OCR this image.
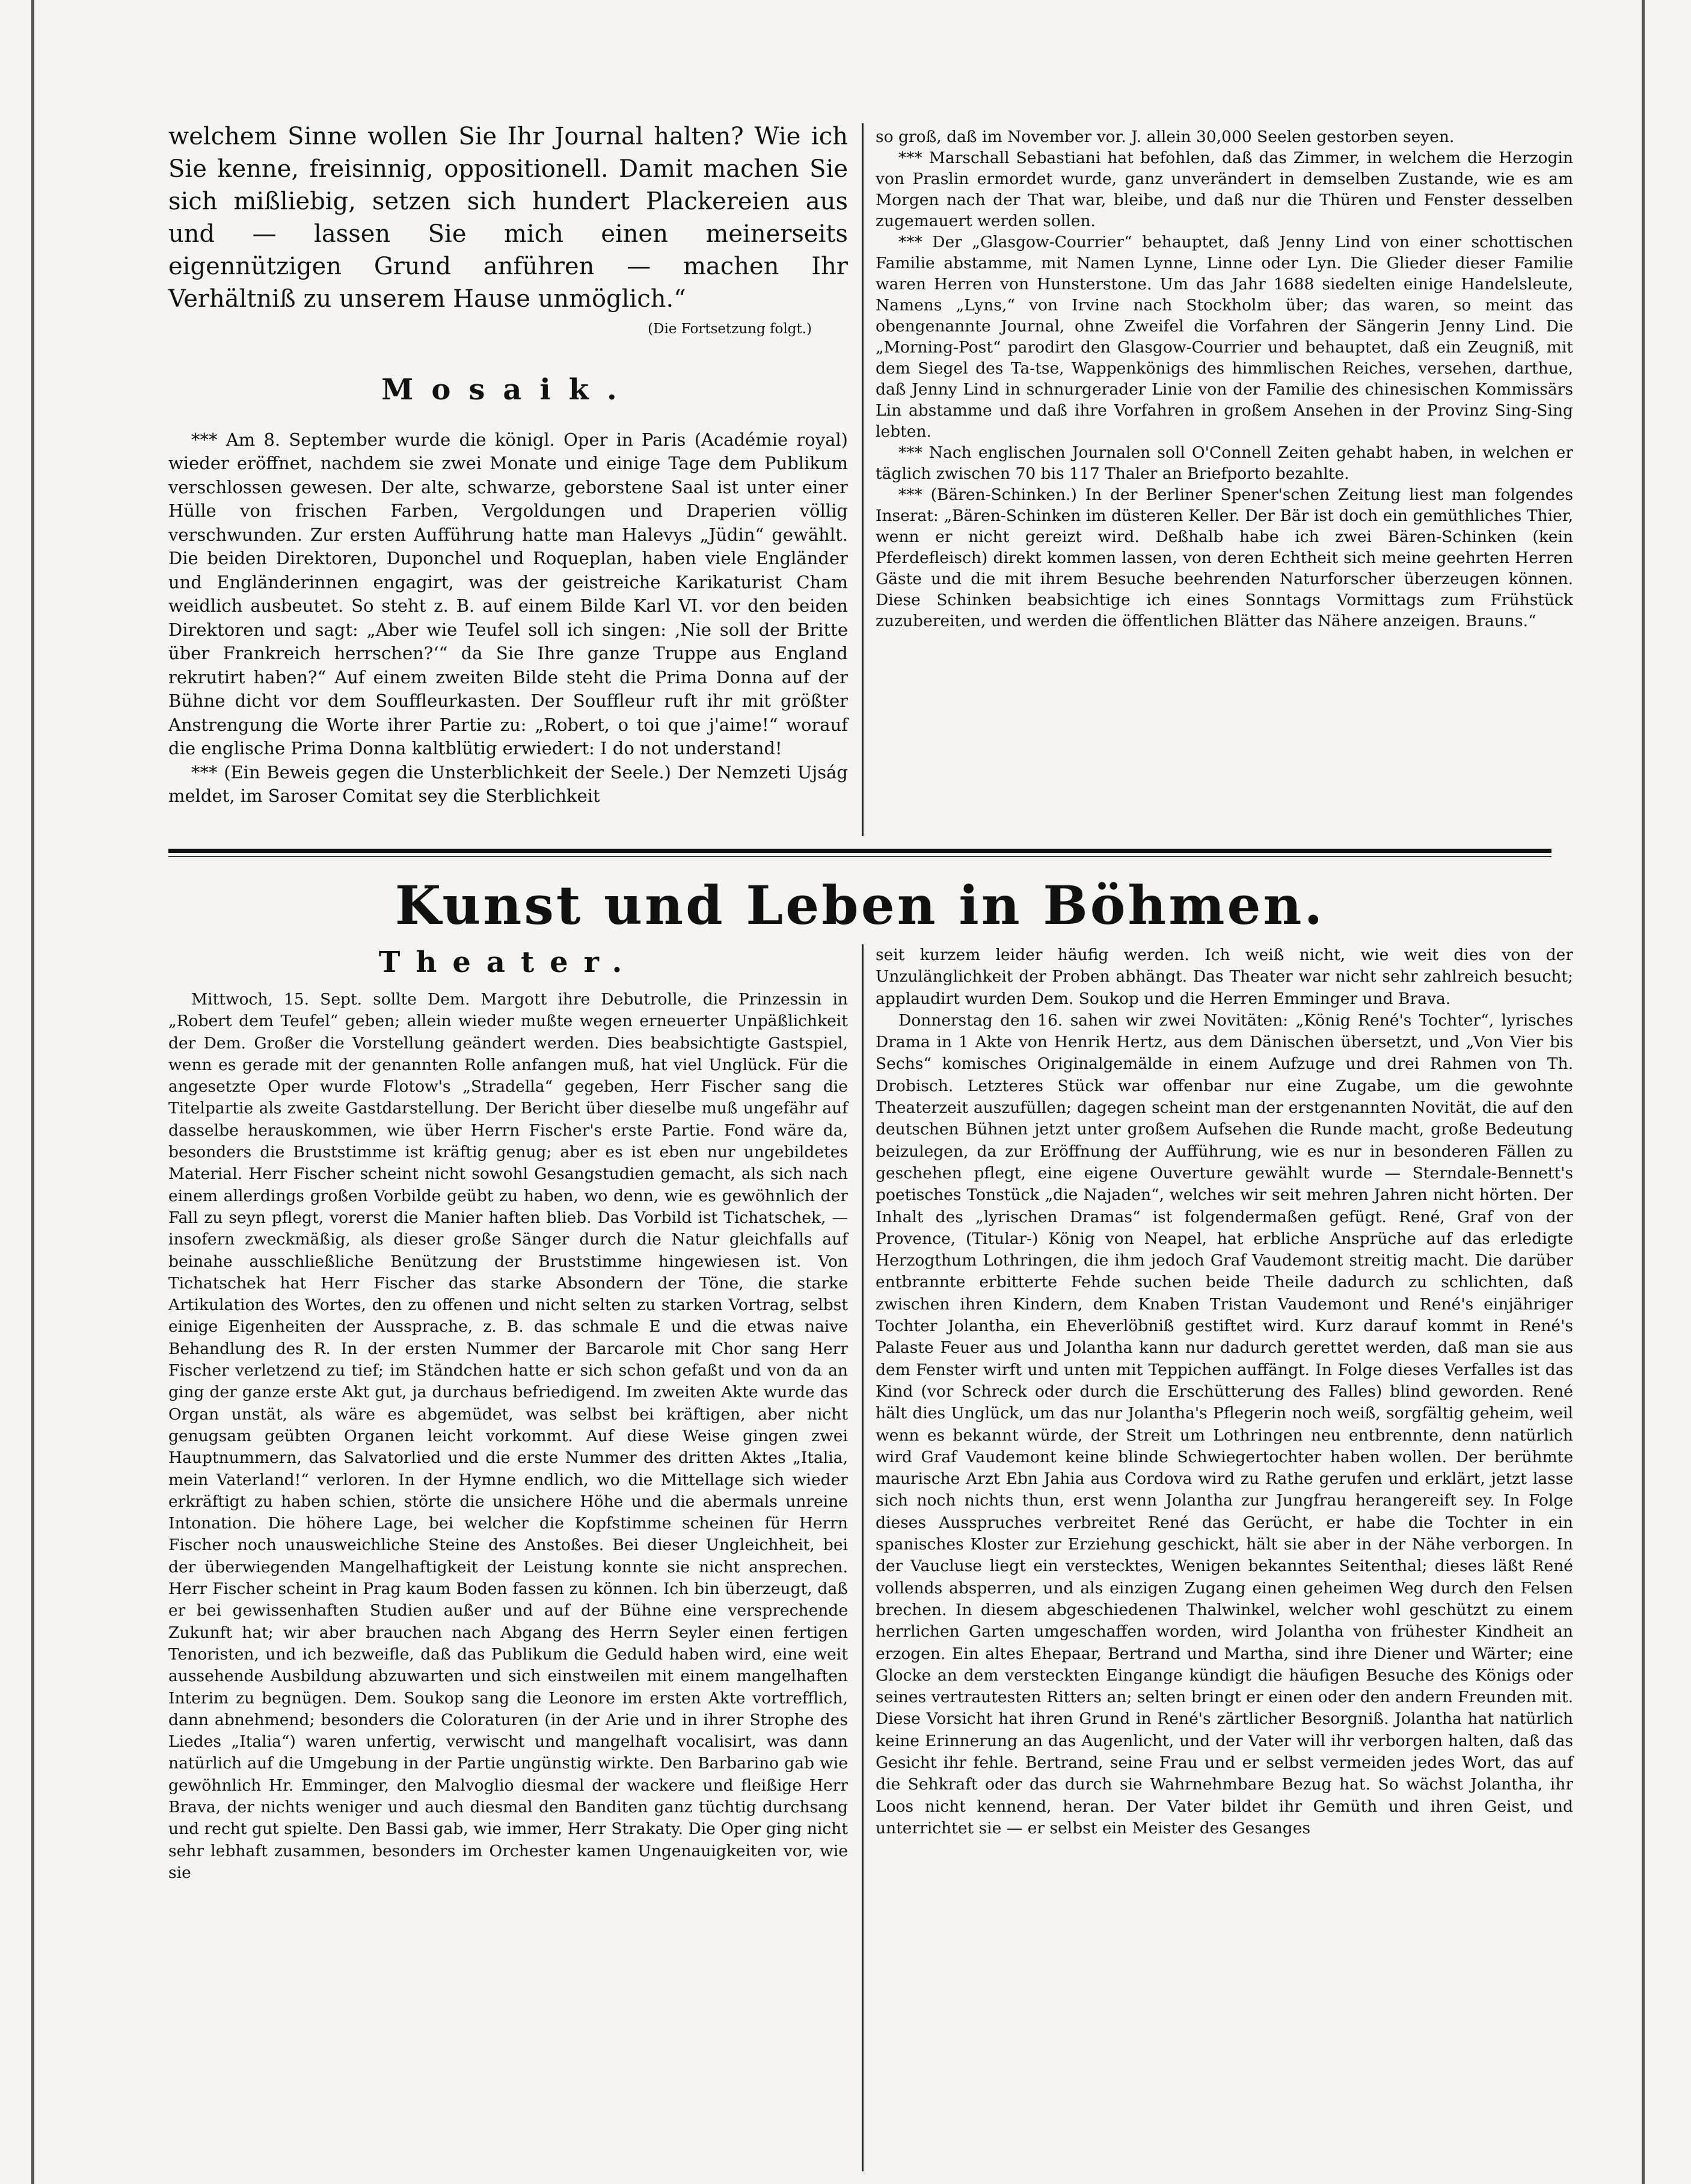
welchem Sinne wollen Sie Ihr Journal halten? Wie ich Sie kenne, freisinnig, oppositionell. Damit machen Sie sich mißliebig, setzen sich hundert Plackereien aus und — lassen Sie mich einen meinerseits eigennützigen Grund anführen — machen Ihr Verhältniß zu unserem Hause unmöglich.“

(Die Fortsetzung folgt.)

Mosaik.

*** Am 8. September wurde die königl. Oper in Paris (Académie royal) wieder eröffnet, nachdem sie zwei Monate und einige Tage dem Publikum verschlossen gewesen. Der alte, schwarze, geborstene Saal ist unter einer Hülle von frischen Farben, Vergoldungen und Draperien völlig verschwunden. Zur ersten Aufführung hatte man Halevys „Jüdin“ gewählt. Die beiden Direktoren, Duponchel und Roqueplan, haben viele Engländer und Engländerinnen engagirt, was der geistreiche Karikaturist Cham weidlich ausbeutet. So steht z. B. auf einem Bilde Karl VI. vor den beiden Direktoren und sagt: „Aber wie Teufel soll ich singen: ‚Nie soll der Britte über Frankreich herrschen?‘“ da Sie Ihre ganze Truppe aus England rekrutirt haben?“ Auf einem zweiten Bilde steht die Prima Donna auf der Bühne dicht vor dem Souffleurkasten. Der Souffleur ruft ihr mit größter Anstrengung die Worte ihrer Partie zu: „Robert, o toi que j'aime!“ worauf die englische Prima Donna kaltblütig erwiedert: I do not understand!

*** (Ein Beweis gegen die Unsterblichkeit der Seele.) Der Nemzeti Ujság meldet, im Saroser Comitat sey die Sterblichkeit

so groß, daß im November vor. J. allein 30,000 Seelen gestorben seyen.

*** Marschall Sebastiani hat befohlen, daß das Zimmer, in welchem die Herzogin von Praslin ermordet wurde, ganz unverändert in demselben Zustande, wie es am Morgen nach der That war, bleibe, und daß nur die Thüren und Fenster desselben zugemauert werden sollen.

*** Der „Glasgow-Courrier“ behauptet, daß Jenny Lind von einer schottischen Familie abstamme, mit Namen Lynne, Linne oder Lyn. Die Glieder dieser Familie waren Herren von Hunsterstone. Um das Jahr 1688 siedelten einige Handelsleute, Namens „Lyns,“ von Irvine nach Stockholm über; das waren, so meint das obengenannte Journal, ohne Zweifel die Vorfahren der Sängerin Jenny Lind. Die „Morning-Post“ parodirt den Glasgow-Courrier und behauptet, daß ein Zeugniß, mit dem Siegel des Ta-tse, Wappenkönigs des himmlischen Reiches, versehen, darthue, daß Jenny Lind in schnurgerader Linie von der Familie des chinesischen Kommissärs Lin abstamme und daß ihre Vorfahren in großem Ansehen in der Provinz Sing-Sing lebten.

*** Nach englischen Journalen soll O'Connell Zeiten gehabt haben, in welchen er täglich zwischen 70 bis 117 Thaler an Briefporto bezahlte.

*** (Bären-Schinken.) In der Berliner Spener'schen Zeitung liest man folgendes Inserat: „Bären-Schinken im düsteren Keller. Der Bär ist doch ein gemüthliches Thier, wenn er nicht gereizt wird. Deßhalb habe ich zwei Bären-Schinken (kein Pferdefleisch) direkt kommen lassen, von deren Echtheit sich meine geehrten Herren Gäste und die mit ihrem Besuche beehrenden Naturforscher überzeugen können. Diese Schinken beabsichtige ich eines Sonntags Vormittags zum Frühstück zuzubereiten, und werden die öffentlichen Blätter das Nähere anzeigen. Brauns.“

Kunst und Leben in Böhmen.

Theater.

Mittwoch, 15. Sept. sollte Dem. Margott ihre Debutrolle, die Prinzessin in „Robert dem Teufel“ geben; allein wieder mußte wegen erneuerter Unpäßlichkeit der Dem. Großer die Vorstellung geändert werden. Dies beabsichtigte Gastspiel, wenn es gerade mit der genannten Rolle anfangen muß, hat viel Unglück. Für die angesetzte Oper wurde Flotow's „Stradella“ gegeben, Herr Fischer sang die Titelpartie als zweite Gastdarstellung. Der Bericht über dieselbe muß ungefähr auf dasselbe herauskommen, wie über Herrn Fischer's erste Partie. Fond wäre da, besonders die Bruststimme ist kräftig genug; aber es ist eben nur ungebildetes Material. Herr Fischer scheint nicht sowohl Gesangstudien gemacht, als sich nach einem allerdings großen Vorbilde geübt zu haben, wo denn, wie es gewöhnlich der Fall zu seyn pflegt, vorerst die Manier haften blieb. Das Vorbild ist Tichatschek, — insofern zweckmäßig, als dieser große Sänger durch die Natur gleichfalls auf beinahe ausschließliche Benützung der Bruststimme hingewiesen ist. Von Tichatschek hat Herr Fischer das starke Absondern der Töne, die starke Artikulation des Wortes, den zu offenen und nicht selten zu starken Vortrag, selbst einige Eigenheiten der Aussprache, z. B. das schmale E und die etwas naive Behandlung des R. In der ersten Nummer der Barcarole mit Chor sang Herr Fischer verletzend zu tief; im Ständchen hatte er sich schon gefaßt und von da an ging der ganze erste Akt gut, ja durchaus befriedigend. Im zweiten Akte wurde das Organ unstät, als wäre es abgemüdet, was selbst bei kräftigen, aber nicht genugsam geübten Organen leicht vorkommt. Auf diese Weise gingen zwei Hauptnummern, das Salvatorlied und die erste Nummer des dritten Aktes „Italia, mein Vaterland!“ verloren. In der Hymne endlich, wo die Mittellage sich wieder erkräftigt zu haben schien, störte die unsichere Höhe und die abermals unreine Intonation. Die höhere Lage, bei welcher die Kopfstimme scheinen für Herrn Fischer noch unausweichliche Steine des Anstoßes. Bei dieser Ungleichheit, bei der überwiegenden Mangelhaftigkeit der Leistung konnte sie nicht ansprechen. Herr Fischer scheint in Prag kaum Boden fassen zu können. Ich bin überzeugt, daß er bei gewissenhaften Studien außer und auf der Bühne eine versprechende Zukunft hat; wir aber brauchen nach Abgang des Herrn Seyler einen fertigen Tenoristen, und ich bezweifle, daß das Publikum die Geduld haben wird, eine weit aussehende Ausbildung abzuwarten und sich einstweilen mit einem mangelhaften Interim zu begnügen. Dem. Soukop sang die Leonore im ersten Akte vortrefflich, dann abnehmend; besonders die Coloraturen (in der Arie und in ihrer Strophe des Liedes „Italia“) waren unfertig, verwischt und mangelhaft vocalisirt, was dann natürlich auf die Umgebung in der Partie ungünstig wirkte. Den Barbarino gab wie gewöhnlich Hr. Emminger, den Malvoglio diesmal der wackere und fleißige Herr Brava, der nichts weniger und auch diesmal den Banditen ganz tüchtig durchsang und recht gut spielte. Den Bassi gab, wie immer, Herr Strakaty. Die Oper ging nicht sehr lebhaft zusammen, besonders im Orchester kamen Ungenauigkeiten vor, wie sie

seit kurzem leider häufig werden. Ich weiß nicht, wie weit dies von der Unzulänglichkeit der Proben abhängt. Das Theater war nicht sehr zahlreich besucht; applaudirt wurden Dem. Soukop und die Herren Emminger und Brava.

Donnerstag den 16. sahen wir zwei Novitäten: „König René's Tochter“, lyrisches Drama in 1 Akte von Henrik Hertz, aus dem Dänischen übersetzt, und „Von Vier bis Sechs“ komisches Originalgemälde in einem Aufzuge und drei Rahmen von Th. Drobisch. Letzteres Stück war offenbar nur eine Zugabe, um die gewohnte Theaterzeit auszufüllen; dagegen scheint man der erstgenannten Novität, die auf den deutschen Bühnen jetzt unter großem Aufsehen die Runde macht, große Bedeutung beizulegen, da zur Eröffnung der Aufführung, wie es nur in besonderen Fällen zu geschehen pflegt, eine eigene Ouverture gewählt wurde — Sterndale-Bennett's poetisches Tonstück „die Najaden“, welches wir seit mehren Jahren nicht hörten. Der Inhalt des „lyrischen Dramas“ ist folgendermaßen gefügt. René, Graf von der Provence, (Titular-) König von Neapel, hat erbliche Ansprüche auf das erledigte Herzogthum Lothringen, die ihm jedoch Graf Vaudemont streitig macht. Die darüber entbrannte erbitterte Fehde suchen beide Theile dadurch zu schlichten, daß zwischen ihren Kindern, dem Knaben Tristan Vaudemont und René's einjähriger Tochter Jolantha, ein Eheverlöbniß gestiftet wird. Kurz darauf kommt in René's Palaste Feuer aus und Jolantha kann nur dadurch gerettet werden, daß man sie aus dem Fenster wirft und unten mit Teppichen auffängt. In Folge dieses Verfalles ist das Kind (vor Schreck oder durch die Erschütterung des Falles) blind geworden. René hält dies Unglück, um das nur Jolantha's Pflegerin noch weiß, sorgfältig geheim, weil wenn es bekannt würde, der Streit um Lothringen neu entbrennte, denn natürlich wird Graf Vaudemont keine blinde Schwiegertochter haben wollen. Der berühmte maurische Arzt Ebn Jahia aus Cordova wird zu Rathe gerufen und erklärt, jetzt lasse sich noch nichts thun, erst wenn Jolantha zur Jungfrau herangereift sey. In Folge dieses Ausspruches verbreitet René das Gerücht, er habe die Tochter in ein spanisches Kloster zur Erziehung geschickt, hält sie aber in der Nähe verborgen. In der Vaucluse liegt ein verstecktes, Wenigen bekanntes Seitenthal; dieses läßt René vollends absperren, und als einzigen Zugang einen geheimen Weg durch den Felsen brechen. In diesem abgeschiedenen Thalwinkel, welcher wohl geschützt zu einem herrlichen Garten umgeschaffen worden, wird Jolantha von frühester Kindheit an erzogen. Ein altes Ehepaar, Bertrand und Martha, sind ihre Diener und Wärter; eine Glocke an dem versteckten Eingange kündigt die häufigen Besuche des Königs oder seines vertrautesten Ritters an; selten bringt er einen oder den andern Freunden mit. Diese Vorsicht hat ihren Grund in René's zärtlicher Besorgniß. Jolantha hat natürlich keine Erinnerung an das Augenlicht, und der Vater will ihr verborgen halten, daß das Gesicht ihr fehle. Bertrand, seine Frau und er selbst vermeiden jedes Wort, das auf die Sehkraft oder das durch sie Wahrnehmbare Bezug hat. So wächst Jolantha, ihr Loos nicht kennend, heran. Der Vater bildet ihr Gemüth und ihren Geist, und unterrichtet sie — er selbst ein Meister des Gesanges
